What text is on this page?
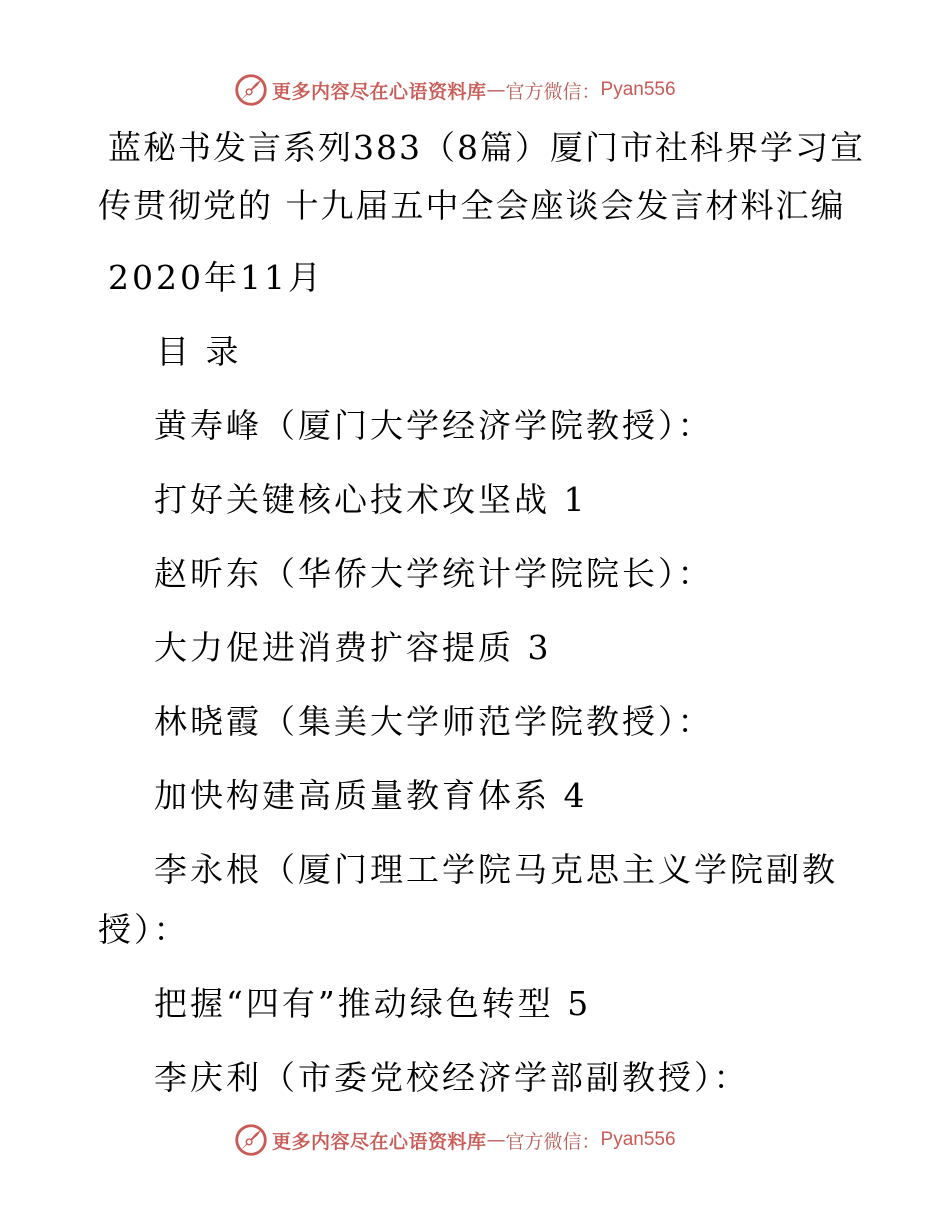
更多内容尽在心语资料库 — 官方微信： Pyan556
蓝秘书发言系列383（8篇）厦门市社科界学习宣
传贯彻党的 十九届五中全会座谈会发言材料汇编
2020年11月
目 录
黄寿峰（厦门大学经济学院教授）：
打好关键核心技术攻坚战 1
赵昕东（华侨大学统计学院院长）：
大力促进消费扩容提质 3
林晓霞（集美大学师范学院教授）：
加快构建高质量教育体系 4
李永根（厦门理工学院马克思主义学院副教
授）：
把握“四有”推动绿色转型 5
李庆利（市委党校经济学部副教授）：
更多内容尽在心语资料库 — 官方微信： Pyan556
